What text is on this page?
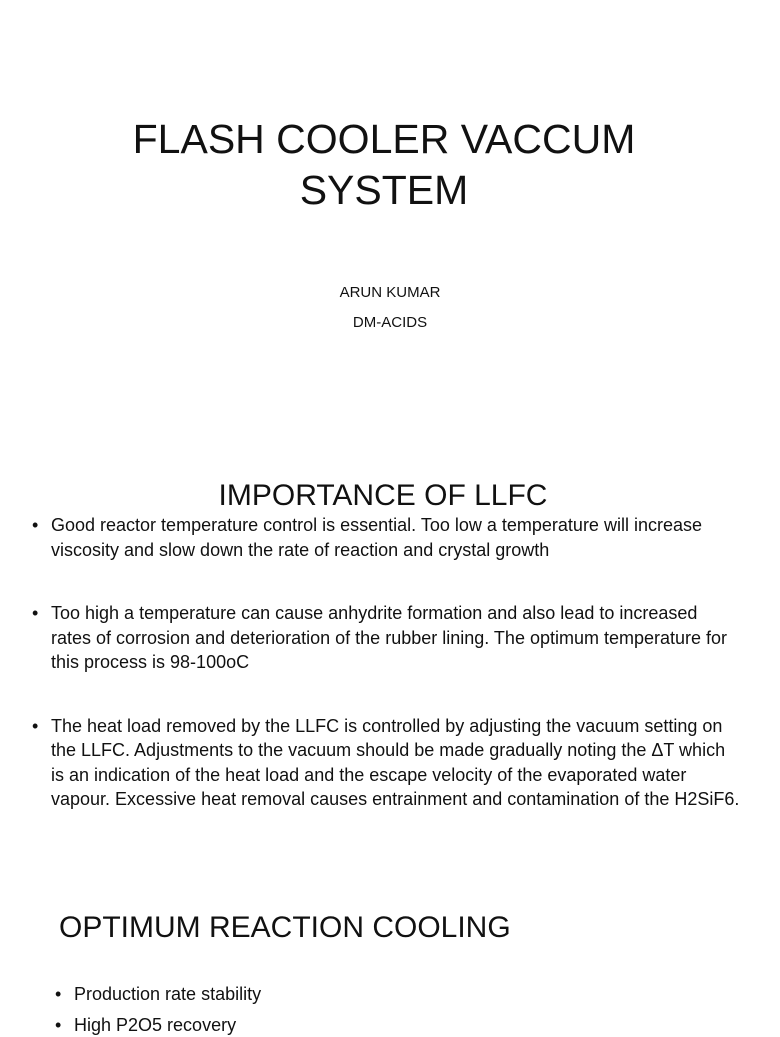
FLASH COOLER VACCUM
SYSTEM
ARUN KUMAR
DM-ACIDS
IMPORTANCE OF LLFC
• Good reactor temperature control is essential. Too low a temperature will increase viscosity and slow down the rate of reaction and crystal growth
• Too high a temperature can cause anhydrite formation and also lead to increased rates of corrosion and deterioration of the rubber lining. The optimum temperature for this process is 98-100oC
• The heat load removed by the LLFC is controlled by adjusting the vacuum setting on the LLFC. Adjustments to the vacuum should be made gradually noting the ΔT which is an indication of the heat load and the escape velocity of the evaporated water vapour. Excessive heat removal causes entrainment and contamination of the H2SiF6.
OPTIMUM REACTION COOLING
• Production rate stability
• High P2O5 recovery
